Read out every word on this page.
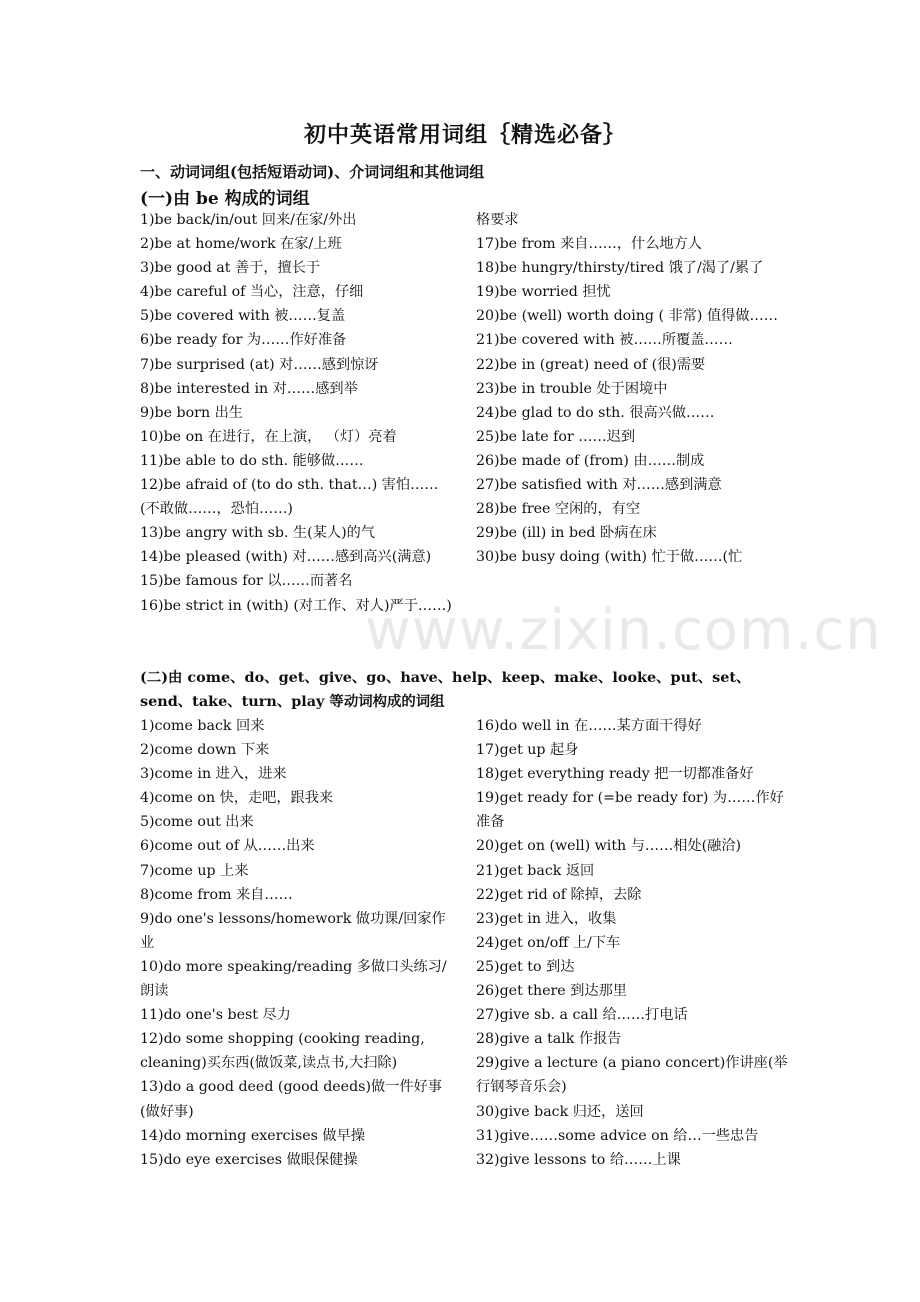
www.zixin.com.cn
初中英语常用词组｛精选必备｝
一、动词词组(包括短语动词)、介词词组和其他词组
(一)由 be 构成的词组
1)be back/in/out 回来/在家/外出
2)be at home/work 在家/上班
3)be good at 善于，擅长于
4)be careful of 当心，注意，仔细
5)be covered with 被……复盖
6)be ready for 为……作好准备
7)be surprised (at) 对……感到惊讶
8)be interested in 对……感到举
9)be born 出生
10)be on 在进行，在上演， （灯）亮着
11)be able to do sth. 能够做……
12)be afraid of (to do sth. that…) 害怕……(不敢做……，恐怕……)
13)be angry with sb. 生(某人)的气
14)be pleased (with) 对……感到高兴(满意)
15)be famous for 以……而著名
16)be strict in (with) (对工作、对人)严于……)
格要求
17)be from 来自……，什么地方人
18)be hungry/thirsty/tired 饿了/渴了/累了
19)be worried 担忧
20)be (well) worth doing ( 非常) 值得做……
21)be covered with 被……所覆盖……
22)be in (great) need of (很)需要
23)be in trouble 处于困境中
24)be glad to do sth. 很高兴做……
25)be late for ……迟到
26)be made of (from) 由……制成
27)be satisfied with 对……感到满意
28)be free 空闲的，有空
29)be (ill) in bed 卧病在床
30)be busy doing (with) 忙于做……(忙
(二)由 come、do、get、give、go、have、help、keep、make、looke、put、set、send、take、turn、play 等动词构成的词组
1)come back 回来
2)come down 下来
3)come in 进入，进来
4)come on 快，走吧，跟我来
5)come out 出来
6)come out of 从……出来
7)come up 上来
8)come from 来自……
9)do one's lessons/homework 做功课/回家作业
10)do more speaking/reading 多做口头练习/朗读
11)do one's best 尽力
12)do some shopping (cooking reading, cleaning)买东西(做饭菜,读点书,大扫除)
13)do a good deed (good deeds)做一件好事(做好事)
14)do morning exercises 做早操
15)do eye exercises 做眼保健操
16)do well in 在……某方面干得好
17)get up 起身
18)get everything ready 把一切都准备好
19)get ready for (=be ready for) 为……作好准备
20)get on (well) with 与……相处(融洽)
21)get back 返回
22)get rid of 除掉，去除
23)get in 进入，收集
24)get on/off 上/下车
25)get to 到达
26)get there 到达那里
27)give sb. a call 给……打电话
28)give a talk 作报告
29)give a lecture (a piano concert)作讲座(举行钢琴音乐会)
30)give back 归还，送回
31)give……some advice on 给…一些忠告
32)give lessons to 给……上课
